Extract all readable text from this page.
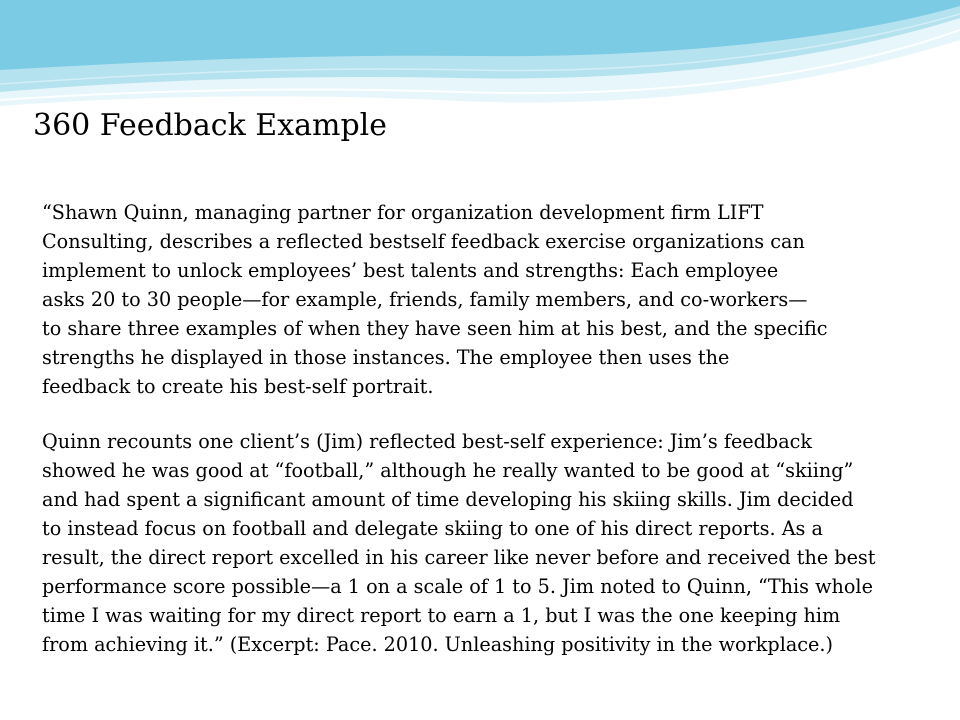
360 Feedback Example

“Shawn Quinn, managing partner for organization development firm LIFT
Consulting, describes a reflected bestself feedback exercise organizations can
implement to unlock employees’ best talents and strengths: Each employee
asks 20 to 30 people—for example, friends, family members, and co-workers—
to share three examples of when they have seen him at his best, and the specific
strengths he displayed in those instances. The employee then uses the
feedback to create his best-self portrait.

Quinn recounts one client’s (Jim) reflected best-self experience: Jim’s feedback
showed he was good at “football,” although he really wanted to be good at “skiing”
and had spent a significant amount of time developing his skiing skills. Jim decided
to instead focus on football and delegate skiing to one of his direct reports. As a
result, the direct report excelled in his career like never before and received the best
performance score possible—a 1 on a scale of 1 to 5. Jim noted to Quinn, “This whole
time I was waiting for my direct report to earn a 1, but I was the one keeping him
from achieving it.” (Excerpt: Pace. 2010. Unleashing positivity in the workplace.)
